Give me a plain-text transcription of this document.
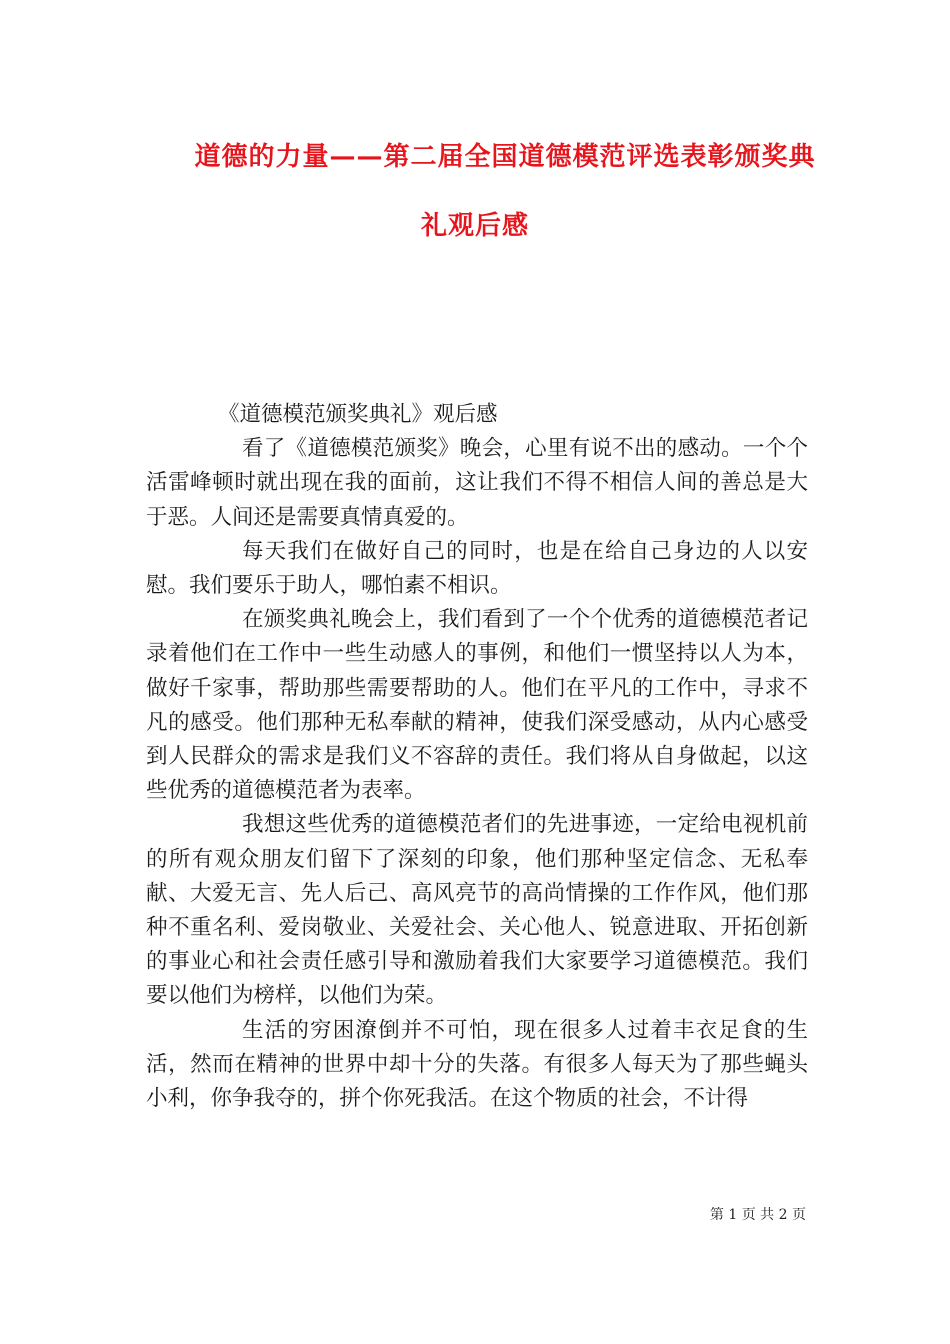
道德的力量——第二届全国道德模范评选表彰颁奖典
礼观后感

《道德模范颁奖典礼》观后感

看了《道德模范颁奖》晚会，心里有说不出的感动。一个个活雷峰顿时就出现在我的面前，这让我们不得不相信人间的善总是大于恶。人间还是需要真情真爱的。

每天我们在做好自己的同时，也是在给自己身边的人以安慰。我们要乐于助人，哪怕素不相识。

在颁奖典礼晚会上，我们看到了一个个优秀的道德模范者记录着他们在工作中一些生动感人的事例，和他们一惯坚持以人为本，做好千家事，帮助那些需要帮助的人。他们在平凡的工作中，寻求不凡的感受。他们那种无私奉献的精神，使我们深受感动，从内心感受到人民群众的需求是我们义不容辞的责任。我们将从自身做起，以这些优秀的道德模范者为表率。

我想这些优秀的道德模范者们的先进事迹，一定给电视机前的所有观众朋友们留下了深刻的印象，他们那种坚定信念、无私奉献、大爱无言、先人后己、高风亮节的高尚情操的工作作风，他们那种不重名利、爱岗敬业、关爱社会、关心他人、锐意进取、开拓创新的事业心和社会责任感引导和激励着我们大家要学习道德模范。我们要以他们为榜样，以他们为荣。

生活的穷困潦倒并不可怕，现在很多人过着丰衣足食的生活，然而在精神的世界中却十分的失落。有很多人每天为了那些蝇头小利，你争我夺的，拼个你死我活。在这个物质的社会，不计得

第 1 页 共 2 页
